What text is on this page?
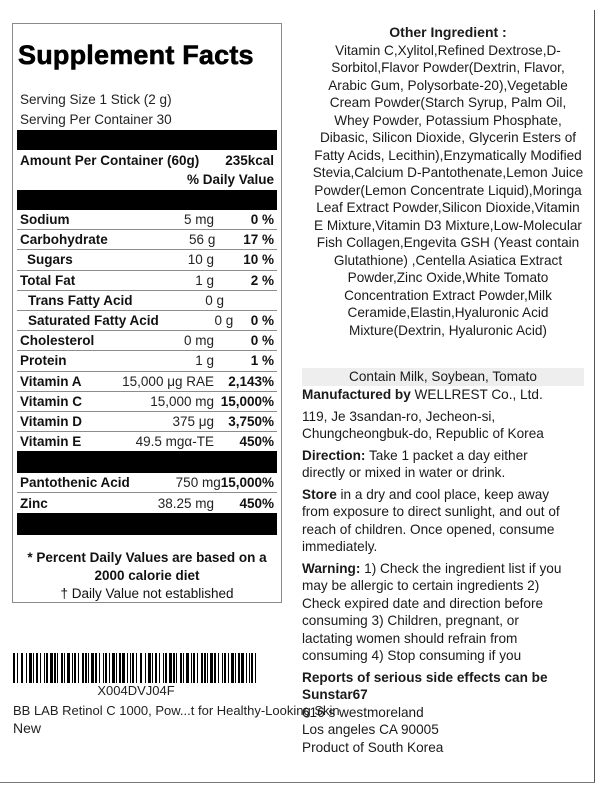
Supplement Facts
Serving Size 1 Stick (2 g)
Serving Per Container 30
Amount Per Container (60g) 235kcal
% Daily Value
Sodium	5 mg	0 %
Carbohydrate	56 g	17 %
Sugars	10 g	10 %
Total Fat	1 g	2 %
Trans Fatty Acid	0 g
Saturated Fatty Acid	0 g	0 %
Cholesterol	0 mg	0 %
Protein	1 g	1 %
Vitamin A	15,000 μg RAE	2,143%
Vitamin C	15,000 mg 15,000%
Vitamin D	375 μg	3,750%
Vitamin E	49.5 mgα-TE	450%
Pantothenic Acid	750 mg 15,000%
Zinc	38.25 mg	450%
* Percent Daily Values are based on a
2000 calorie diet
† Daily Value not established
X004DVJ04F
BB LAB Retinol C 1000, Pow...t for Healthy-Looking Skin
New
Other Ingredient :
Vitamin C,Xylitol,Refined Dextrose,D-
Sorbitol,Flavor Powder(Dextrin, Flavor,
Arabic Gum, Polysorbate-20),Vegetable
Cream Powder(Starch Syrup, Palm Oil,
Whey Powder, Potassium Phosphate,
Dibasic, Silicon Dioxide, Glycerin Esters of
Fatty Acids, Lecithin),Enzymatically Modified
Stevia,Calcium D-Pantothenate,Lemon Juice
Powder(Lemon Concentrate Liquid),Moringa
Leaf Extract Powder,Silicon Dioxide,Vitamin
E Mixture,Vitamin D3 Mixture,Low-Molecular
Fish Collagen,Engevita GSH (Yeast contain
Glutathione) ,Centella Asiatica Extract
Powder,Zinc Oxide,White Tomato
Concentration Extract Powder,Milk
Ceramide,Elastin,Hyaluronic Acid
Mixture(Dextrin, Hyaluronic Acid)
Contain Milk, Soybean, Tomato

Manufactured by WELLREST Co., Ltd.

119, Je 3sandan-ro, Jecheon-si,

Chungcheongbuk-do, Republic of Korea

Direction: Take 1 packet a day either

directly or mixed in water or drink.

Store in a dry and cool place, keep away

from exposure to direct sunlight, and out of

reach of children. Once opened, consume

immediately.

Warning: 1) Check the ingredient list if you

may be allergic to certain ingredients 2)

Check expired date and direction before

consuming 3) Children, pregnant, or

lactating women should refrain from

consuming 4) Stop consuming if you

Reports of serious side effects can be

Sunstar67

616 s westmoreland

Los angeles CA 90005

Product of South Korea
